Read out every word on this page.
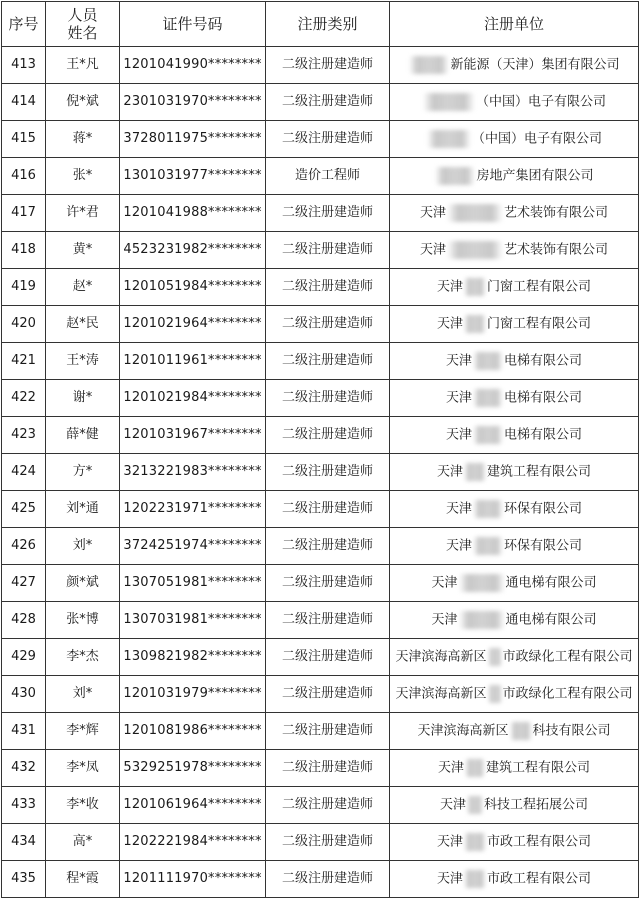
序号	人员姓名	证件号码	注册类别	注册单位
413	王*凡	1201041990********	二级注册建造师	新能源（天津）集团有限公司
414	倪*斌	2301031970********	二级注册建造师	（中国）电子有限公司
415	蒋*	3728011975********	二级注册建造师	（中国）电子有限公司
416	张*	1301031977********	造价工程师	房地产集团有限公司
417	许*君	1201041988********	二级注册建造师	天津 艺术装饰有限公司
418	黄*	4523231982********	二级注册建造师	天津 艺术装饰有限公司
419	赵*	1201051984********	二级注册建造师	天津 门窗工程有限公司
420	赵*民	1201021964********	二级注册建造师	天津 门窗工程有限公司
421	王*涛	1201011961********	二级注册建造师	天津 电梯有限公司
422	谢*	1201021984********	二级注册建造师	天津 电梯有限公司
423	薛*健	1201031967********	二级注册建造师	天津 电梯有限公司
424	方*	3213221983********	二级注册建造师	天津 建筑工程有限公司
425	刘*通	1202231971********	二级注册建造师	天津 环保有限公司
426	刘*	3724251974********	二级注册建造师	天津 环保有限公司
427	颜*斌	1307051981********	二级注册建造师	天津 通电梯有限公司
428	张*博	1307031981********	二级注册建造师	天津 通电梯有限公司
429	李*杰	1309821982********	二级注册建造师	天津滨海高新区 市政绿化工程有限公司
430	刘*	1201031979********	二级注册建造师	天津滨海高新区 市政绿化工程有限公司
431	李*辉	1201081986********	二级注册建造师	天津滨海高新区 科技有限公司
432	李*凤	5329251978********	二级注册建造师	天津 建筑工程有限公司
433	李*收	1201061964********	二级注册建造师	天津 科技工程拓展公司
434	高*	1202221984********	二级注册建造师	天津 市政工程有限公司
435	程*霞	1201111970********	二级注册建造师	天津 市政工程有限公司
